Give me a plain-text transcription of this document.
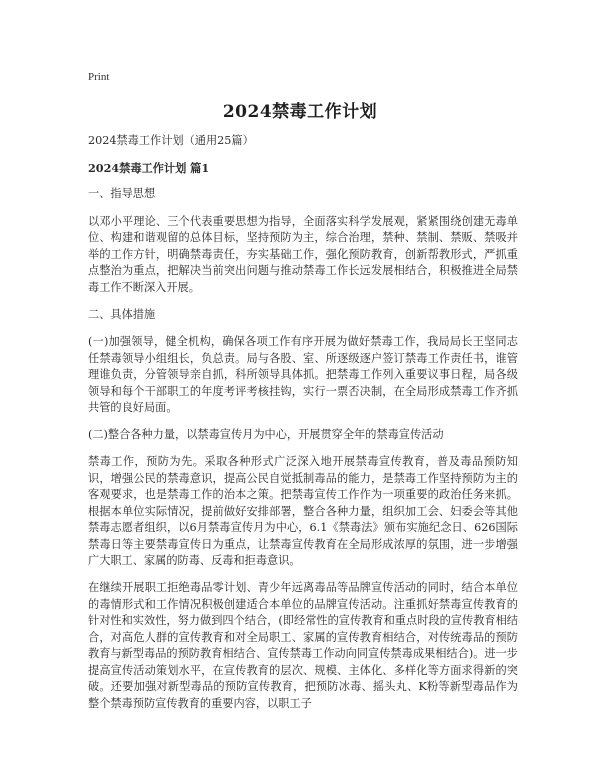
Print
2024禁毒工作计划

2024禁毒工作计划（通用25篇）

2024禁毒工作计划 篇1

一、指导思想

以邓小平理论、三个代表重要思想为指导，全面落实科学发展观，紧紧围绕创建无毒单位、构建和谐观留的总体目标，坚持预防为主，综合治理，禁种、禁制、禁贩、禁吸并举的工作方针，明确禁毒责任，夯实基础工作，强化预防教育，创新帮教形式，严抓重点整治为重点，把解决当前突出问题与推动禁毒工作长远发展相结合，积极推进全局禁毒工作不断深入开展。

二、具体措施

(一)加强领导，健全机构，确保各项工作有序开展为做好禁毒工作，我局局长王坚同志任禁毒领导小组组长，负总责。局与各股、室、所逐级逐户签订禁毒工作责任书，谁管理谁负责，分管领导亲自抓，科所领导具体抓。把禁毒工作列入重要议事日程，局各级领导和每个干部职工的年度考评考核挂钩，实行一票否决制，在全局形成禁毒工作齐抓共管的良好局面。

(二)整合各种力量，以禁毒宣传月为中心，开展贯穿全年的禁毒宣传活动

禁毒工作，预防为先。采取各种形式广泛深入地开展禁毒宣传教育，普及毒品预防知识，增强公民的禁毒意识，提高公民自觉抵制毒品的能力，是禁毒工作坚持预防为主的客观要求，也是禁毒工作的治本之策。把禁毒宣传工作作为一项重要的政治任务来抓。根据本单位实际情况，提前做好安排部署，整合各种力量，组织加工会、妇委会等其他禁毒志愿者组织，以6月禁毒宣传月为中心，6.1《禁毒法》颁布实施纪念日、626国际禁毒日等主要禁毒宣传日为重点，让禁毒宣传教育在全局形成浓厚的氛围，进一步增强广大职工、家属的防毒、反毒和拒毒意识。

在继续开展职工拒绝毒品零计划、青少年远离毒品等品牌宣传活动的同时，结合本单位的毒情形式和工作情况积极创建适合本单位的品牌宣传活动。注重抓好禁毒宣传教育的针对性和实效性，努力做到四个结合，(即经常性的宣传教育和重点时段的宣传教育相结合，对高危人群的宣传教育和对全局职工、家属的宣传教育相结合，对传统毒品的预防教育与新型毒品的预防教育相结合、宣传禁毒工作动向同宣传禁毒成果相结合)。进一步提高宣传活动策划水平，在宣传教育的层次、规模、主体化、多样化等方面求得新的突破。还要加强对新型毒品的预防宣传教育，把预防冰毒、摇头丸、K粉等新型毒品作为整个禁毒预防宣传教育的重要内容，以职工子
